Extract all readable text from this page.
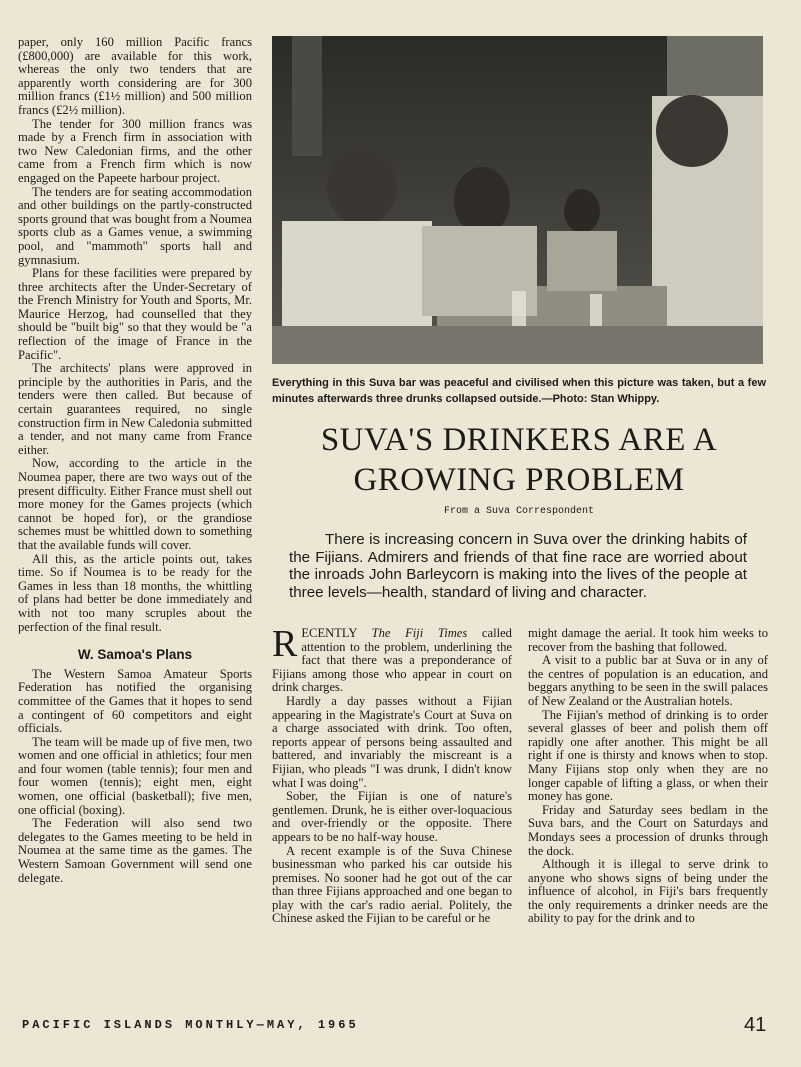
paper, only 160 million Pacific francs (£800,000) are available for this work, whereas the only two tenders that are apparently worth considering are for 300 million francs (£1½ million) and 500 million francs (£2½ million).

The tender for 300 million francs was made by a French firm in association with two New Caledonian firms, and the other came from a French firm which is now engaged on the Papeete harbour project.

The tenders are for seating accommodation and other buildings on the partly-constructed sports ground that was bought from a Noumea sports club as a Games venue, a swimming pool, and "mammoth" sports hall and gymnasium.

Plans for these facilities were prepared by three architects after the Under-Secretary of the French Ministry for Youth and Sports, Mr. Maurice Herzog, had counselled that they should be "built big" so that they would be "a reflection of the image of France in the Pacific".

The architects' plans were approved in principle by the authorities in Paris, and the tenders were then called. But because of certain guarantees required, no single construction firm in New Caledonia submitted a tender, and not many came from France either.

Now, according to the article in the Noumea paper, there are two ways out of the present difficulty. Either France must shell out more money for the Games projects (which cannot be hoped for), or the grandiose schemes must be whittled down to something that the available funds will cover.

All this, as the article points out, takes time. So if Noumea is to be ready for the Games in less than 18 months, the whittling of plans had better be done immediately and with not too many scruples about the perfection of the final result.

W. Samoa's Plans

The Western Samoa Amateur Sports Federation has notified the organising committee of the Games that it hopes to send a contingent of 60 competitors and eight officials.

The team will be made up of five men, two women and one official in athletics; four men and four women (table tennis); four men and four women (tennis); eight men, eight women, one official (basketball); five men, one official (boxing).

The Federation will also send two delegates to the Games meeting to be held in Noumea at the same time as the games. The Western Samoan Government will send one delegate.

Everything in this Suva bar was peaceful and civilised when this picture was taken, but a few minutes afterwards three drunks collapsed outside.—Photo: Stan Whippy.
SUVA'S DRINKERS ARE A
GROWING PROBLEM
From a Suva Correspondent
There is increasing concern in Suva over the drinking habits of the Fijians. Admirers and friends of that fine race are worried about the inroads John Barleycorn is making into the lives of the people at three levels—health, standard of living and character.

RECENTLY The Fiji Times called attention to the problem, underlining the fact that there was a preponderance of Fijians among those who appear in court on drink charges.

Hardly a day passes without a Fijian appearing in the Magistrate's Court at Suva on a charge associated with drink. Too often, reports appear of persons being assaulted and battered, and invariably the miscreant is a Fijian, who pleads "I was drunk, I didn't know what I was doing".

Sober, the Fijian is one of nature's gentlemen. Drunk, he is either over-loquacious and over-friendly or the opposite. There appears to be no half-way house.

A recent example is of the Suva Chinese businessman who parked his car outside his premises. No sooner had he got out of the car than three Fijians approached and one began to play with the car's radio aerial. Politely, the Chinese asked the Fijian to be careful or he

might damage the aerial. It took him weeks to recover from the bashing that followed.

A visit to a public bar at Suva or in any of the centres of population is an education, and beggars anything to be seen in the swill palaces of New Zealand or the Australian hotels.

The Fijian's method of drinking is to order several glasses of beer and polish them off rapidly one after another. This might be all right if one is thirsty and knows when to stop. Many Fijians stop only when they are no longer capable of lifting a glass, or when their money has gone.

Friday and Saturday sees bedlam in the Suva bars, and the Court on Saturdays and Mondays sees a procession of drunks through the dock.

Although it is illegal to serve drink to anyone who shows signs of being under the influence of alcohol, in Fiji's bars frequently the only requirements a drinker needs are the ability to pay for the drink and to

PACIFIC ISLANDS MONTHLY—MAY, 1965	41
